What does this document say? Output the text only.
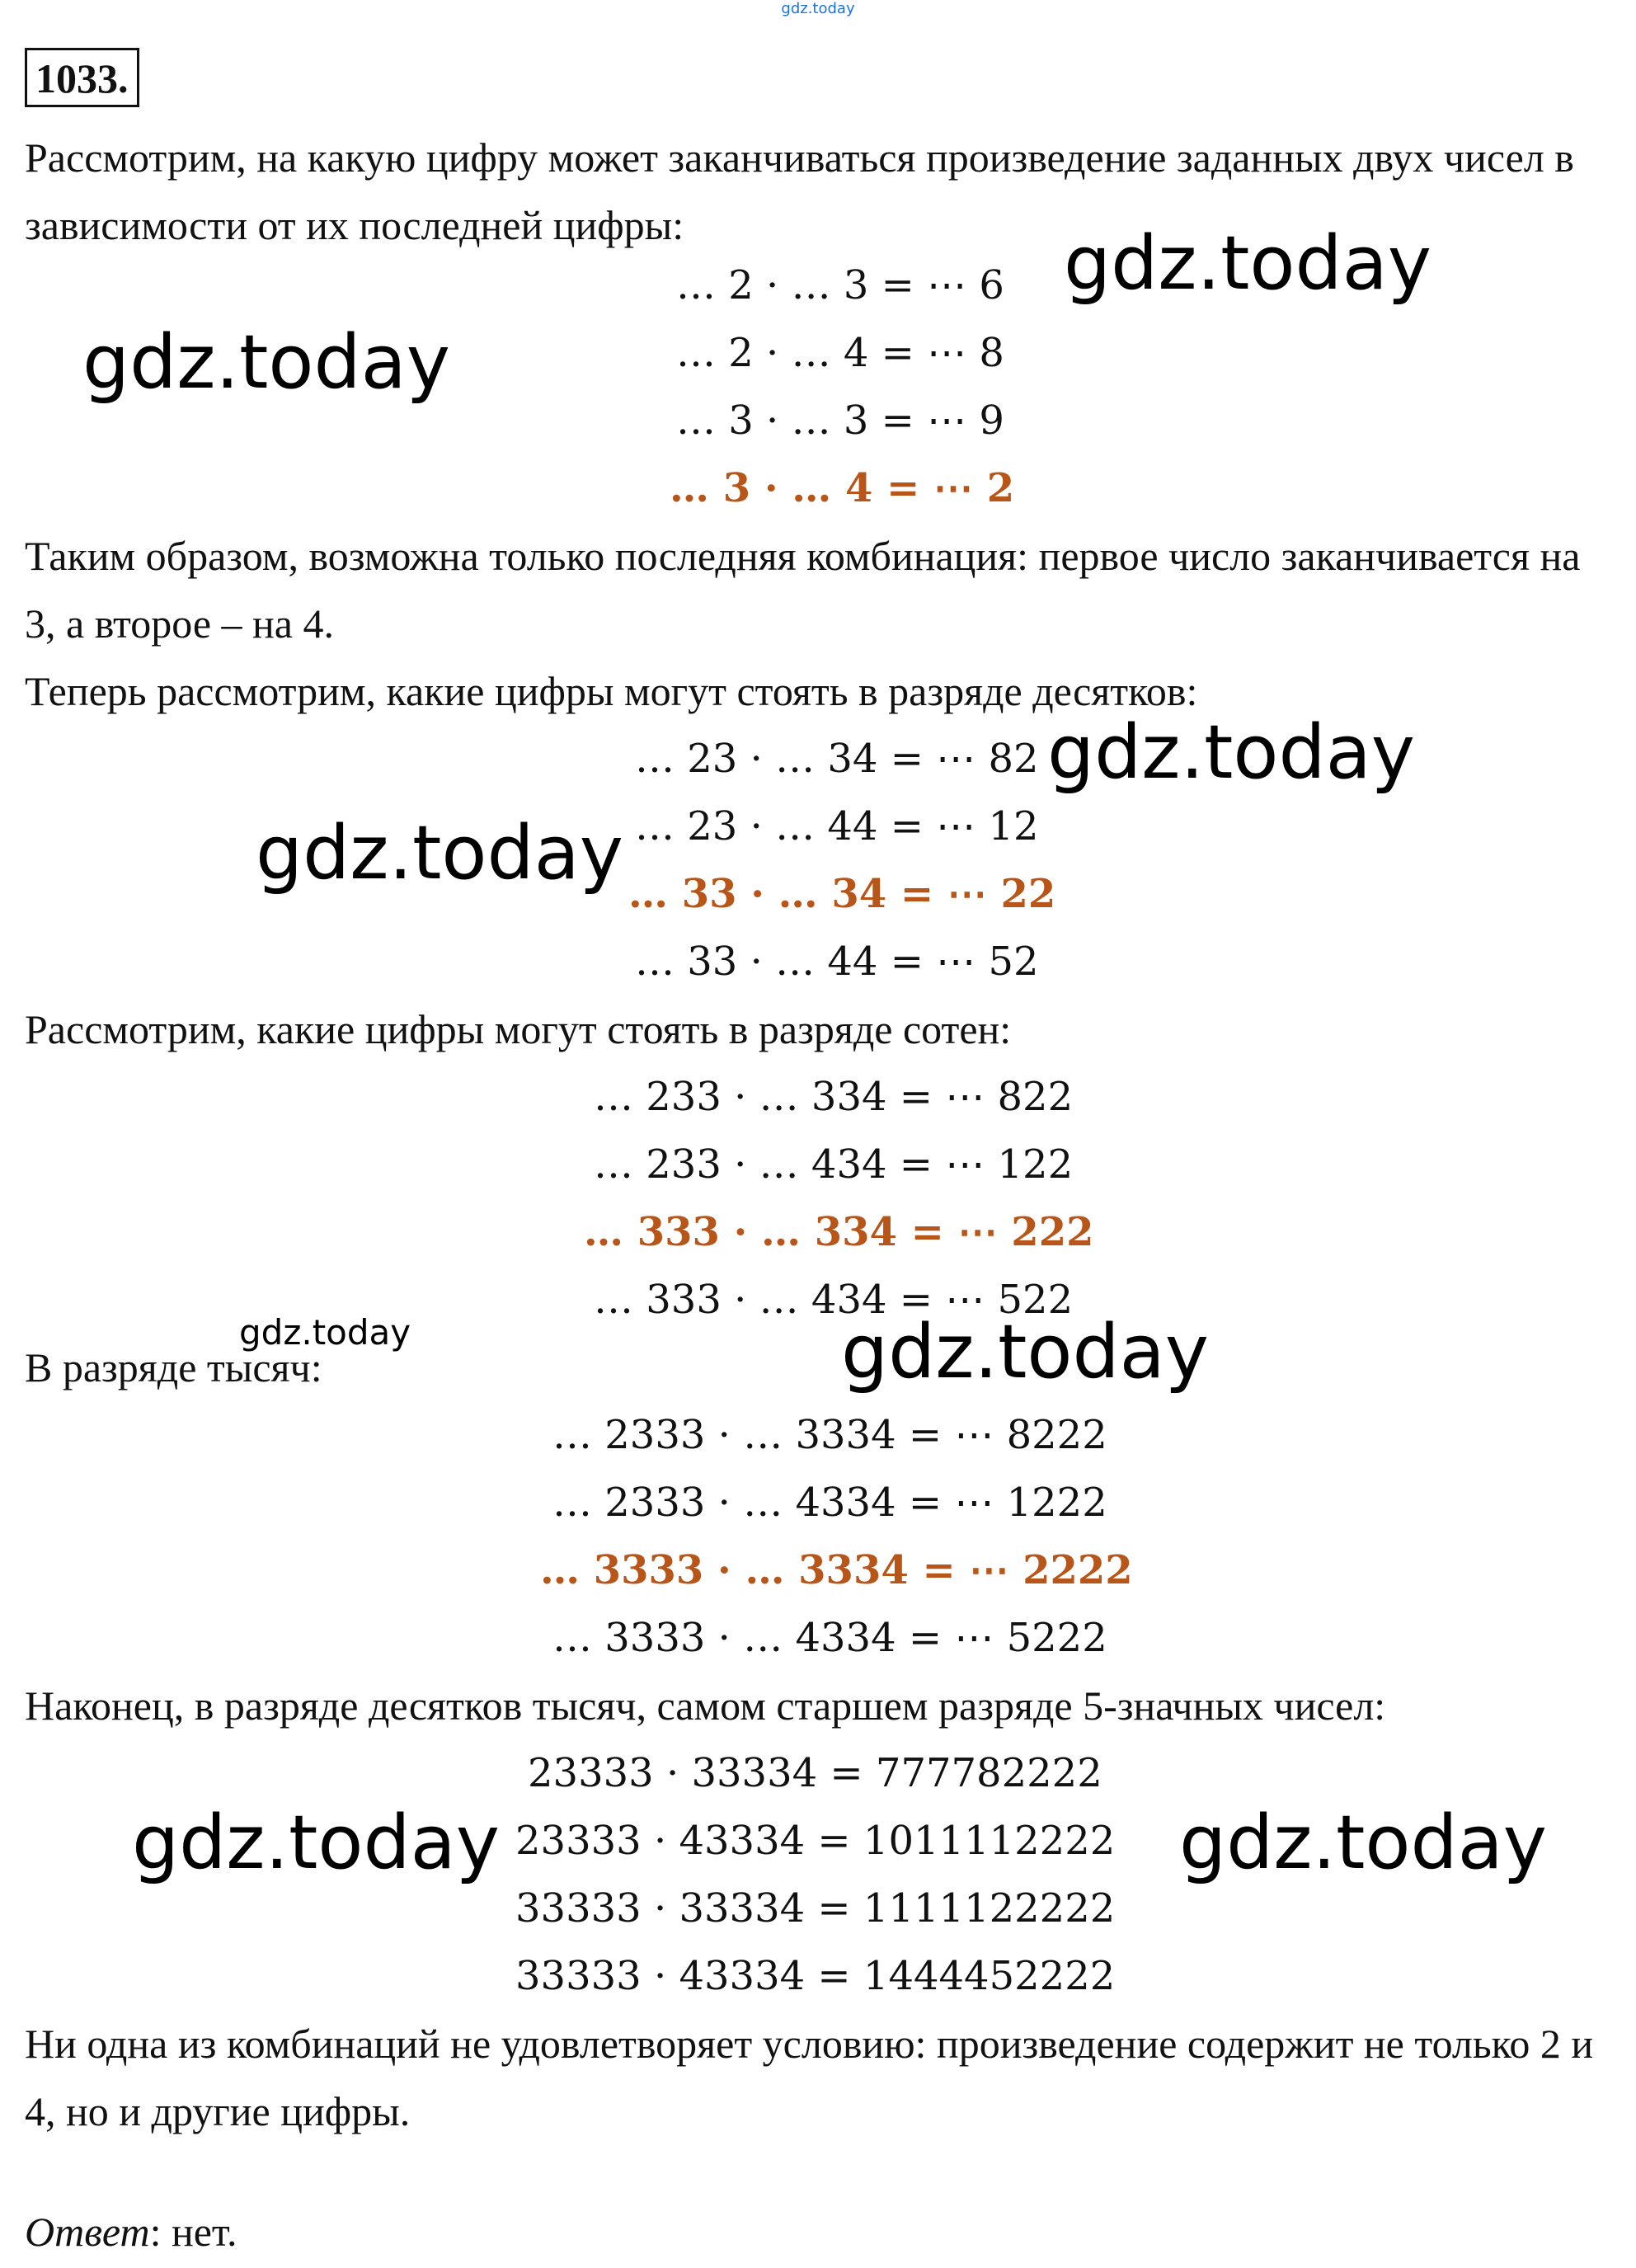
gdz.today
1033.
Рассмотрим, на какую цифру может заканчиваться произведение заданных двух чисел в зависимости от их последней цифры:
… 2 · … 3 = ⋯ 6
… 2 · … 4 = ⋯ 8
… 3 · … 3 = ⋯ 9
… 3 · … 4 = ⋯ 2
Таким образом, возможна только последняя комбинация: первое число заканчивается на 3, а второе – на 4.
Теперь рассмотрим, какие цифры могут стоять в разряде десятков:
… 23 · … 34 = ⋯ 82
… 23 · … 44 = ⋯ 12
… 33 · … 34 = ⋯ 22
… 33 · … 44 = ⋯ 52
Рассмотрим, какие цифры могут стоять в разряде сотен:
… 233 · … 334 = ⋯ 822
… 233 · … 434 = ⋯ 122
… 333 · … 334 = ⋯ 222
… 333 · … 434 = ⋯ 522
В разряде тысяч:
… 2333 · … 3334 = ⋯ 8222
… 2333 · … 4334 = ⋯ 1222
… 3333 · … 3334 = ⋯ 2222
… 3333 · … 4334 = ⋯ 5222
Наконец, в разряде десятков тысяч, самом старшем разряде 5-значных чисел:
23333 · 33334 = 777782222
23333 · 43334 = 1011112222
33333 · 33334 = 1111122222
33333 · 43334 = 1444452222
Ни одна из комбинаций не удовлетворяет условию: произведение содержит не только 2 и 4, но и другие цифры.
Ответ: нет.
gdz.today
gdz.today
gdz.today
gdz.today
gdz.today	gdz.today
gdz.today	gdz.today
